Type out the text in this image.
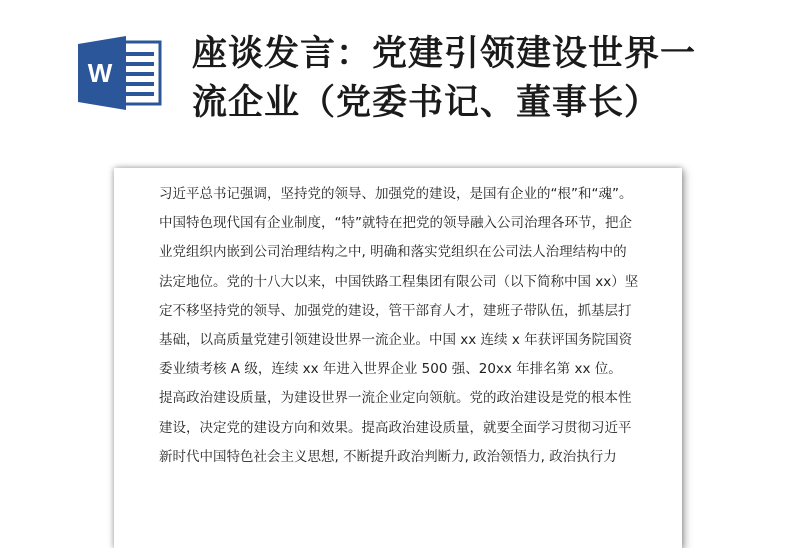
W 座谈发言：党建引领建设世界一
流企业（党委书记、董事长）
习近平总书记强调，坚持党的领导、加强党的建设，是国有企业的“根”和“魂”。
中国特色现代国有企业制度，“特”就特在把党的领导融入公司治理各环节，把企
业党组织内嵌到公司治理结构之中, 明确和落实党组织在公司法人治理结构中的
法定地位。党的十八大以来，中国铁路工程集团有限公司（以下简称中国 xx）坚
定不移坚持党的领导、加强党的建设，管干部育人才，建班子带队伍，抓基层打
基础，以高质量党建引领建设世界一流企业。中国 xx 连续 x 年获评国务院国资
委业绩考核 A 级，连续 xx 年进入世界企业 500 强、20xx 年排名第 xx 位。
提高政治建设质量，为建设世界一流企业定向领航。党的政治建设是党的根本性
建设，决定党的建设方向和效果。提高政治建设质量，就要全面学习贯彻习近平
新时代中国特色社会主义思想, 不断提升政治判断力, 政治领悟力, 政治执行力
